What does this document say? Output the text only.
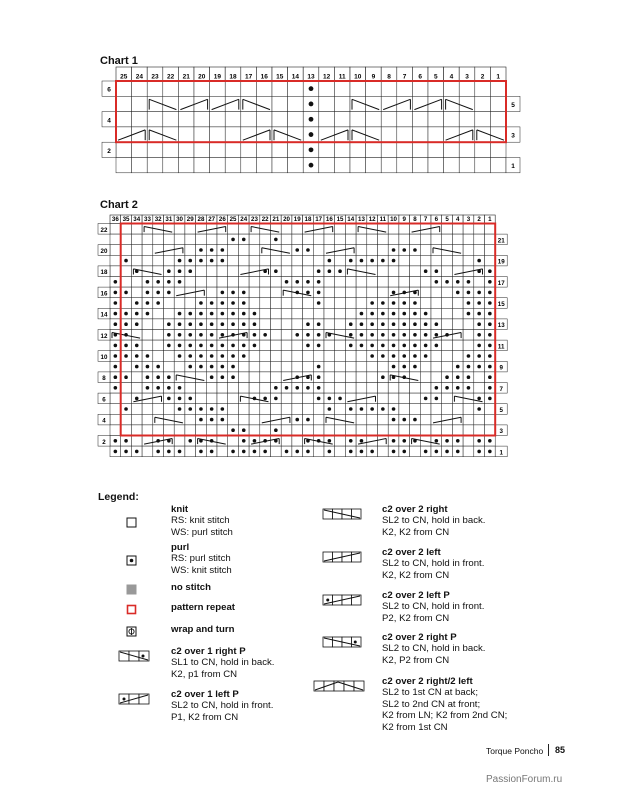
Chart 1
25 24 23 22 21 20 19 18 17 16 15 14 13 12 11 10 9 8 7 6 5 4 3 2 1
6
5
4
3
2
1
Chart 2
36 35 34 33 32 31 30 29 28 27 26 25 24 23 22 21 20 19 18 17 16 15 14 13 12 11 10 9 8 7 6 5 4 3 2 1
22
21
20
19
18
17
16
15
14
13
12
11
10
9
8
7
6
5
4
3
2
1
Legend:
knit
RS: knit stitch
WS: purl stitch
purl
RS: purl stitch
WS: knit stitch
no stitch
pattern repeat
wrap and turn
c2 over 1 right P
SL1 to CN, hold in back.
K2, p1 from CN
c2 over 1 left P
SL2 to CN, hold in front.
P1, K2 from CN
c2 over 2 right
SL2 to CN, hold in back.
K2, K2 from CN
c2 over 2 left
SL2 to CN, hold in front.
K2, K2 from CN
c2 over 2 left P
SL2 to CN, hold in front.
P2, K2 from CN
c2 over 2 right P
SL2 to CN, hold in back.
K2, P2 from CN
c2 over 2 right/2 left
SL2 to 1st CN at back;
SL2 to 2nd CN at front;
K2 from LN; K2 from 2nd CN;
K2 from 1st CN
Torque Poncho 85
PassionForum.ru
